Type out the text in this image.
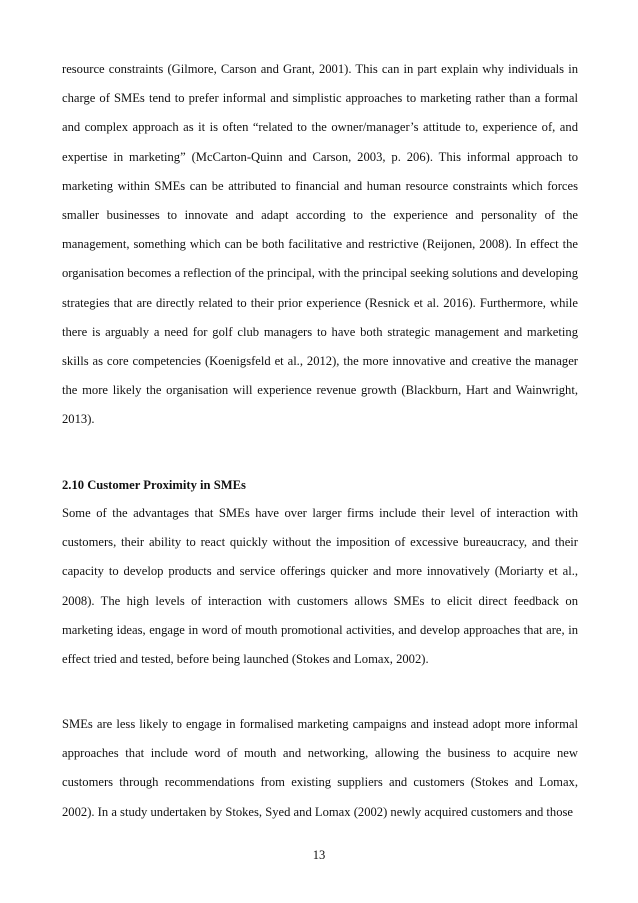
resource constraints (Gilmore, Carson and Grant, 2001). This can in part explain why individuals in charge of SMEs tend to prefer informal and simplistic approaches to marketing rather than a formal and complex approach as it is often “related to the owner/manager’s attitude to, experience of, and expertise in marketing” (McCarton-Quinn and Carson, 2003, p. 206). This informal approach to marketing within SMEs can be attributed to financial and human resource constraints which forces smaller businesses to innovate and adapt according to the experience and personality of the management, something which can be both facilitative and restrictive (Reijonen, 2008). In effect the organisation becomes a reflection of the principal, with the principal seeking solutions and developing strategies that are directly related to their prior experience (Resnick et al. 2016). Furthermore, while there is arguably a need for golf club managers to have both strategic management and marketing skills as core competencies (Koenigsfeld et al., 2012), the more innovative and creative the manager the more likely the organisation will experience revenue growth (Blackburn, Hart and Wainwright, 2013).

2.10 Customer Proximity in SMEs

Some of the advantages that SMEs have over larger firms include their level of interaction with customers, their ability to react quickly without the imposition of excessive bureaucracy, and their capacity to develop products and service offerings quicker and more innovatively (Moriarty et al., 2008). The high levels of interaction with customers allows SMEs to elicit direct feedback on marketing ideas, engage in word of mouth promotional activities, and develop approaches that are, in effect tried and tested, before being launched (Stokes and Lomax, 2002).

SMEs are less likely to engage in formalised marketing campaigns and instead adopt more informal approaches that include word of mouth and networking, allowing the business to acquire new customers through recommendations from existing suppliers and customers (Stokes and Lomax, 2002). In a study undertaken by Stokes, Syed and Lomax (2002) newly acquired customers and those

13
